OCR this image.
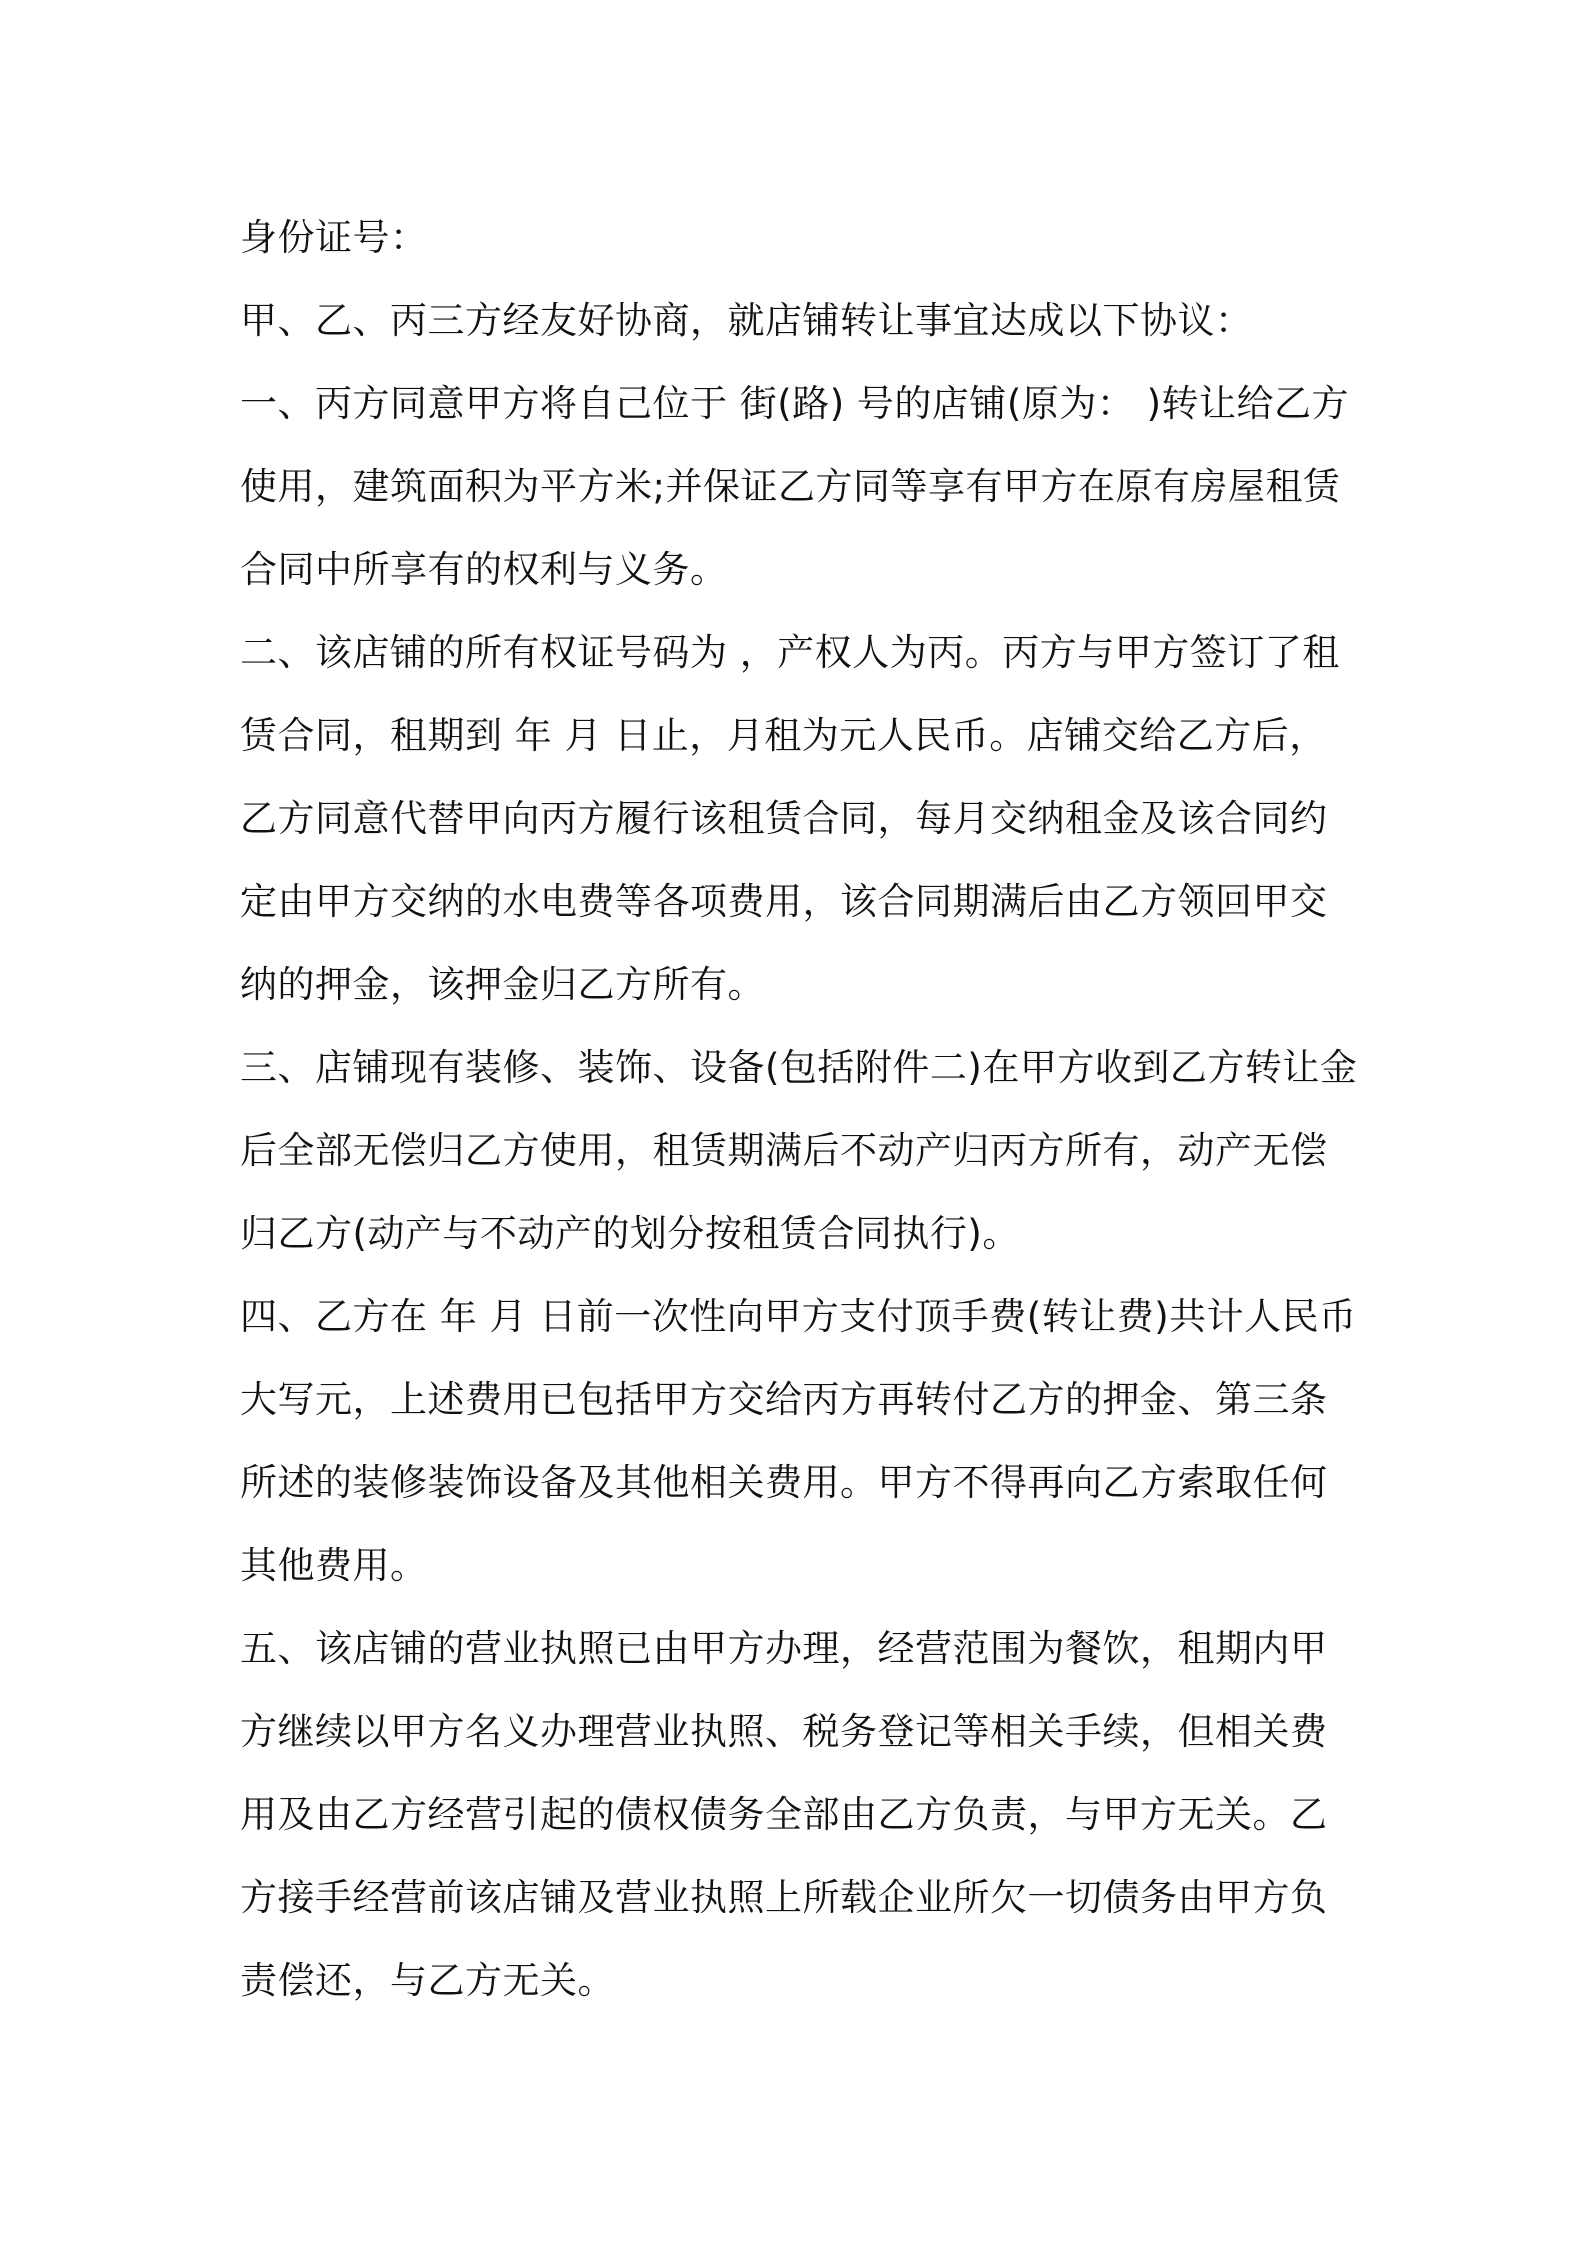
身份证号：

甲、乙、丙三方经友好协商，就店铺转让事宜达成以下协议：

一、丙方同意甲方将自己位于 街(路) 号的店铺(原为： )转让给乙方使用，建筑面积为平方米;并保证乙方同等享有甲方在原有房屋租赁合同中所享有的权利与义务。

二、该店铺的所有权证号码为 ，产权人为丙。丙方与甲方签订了租赁合同，租期到 年 月 日止，月租为元人民币。店铺交给乙方后，乙方同意代替甲向丙方履行该租赁合同，每月交纳租金及该合同约定由甲方交纳的水电费等各项费用，该合同期满后由乙方领回甲交纳的押金，该押金归乙方所有。

三、店铺现有装修、装饰、设备(包括附件二)在甲方收到乙方转让金后全部无偿归乙方使用，租赁期满后不动产归丙方所有，动产无偿归乙方(动产与不动产的划分按租赁合同执行)。

四、乙方在 年 月 日前一次性向甲方支付顶手费(转让费)共计人民币大写元，上述费用已包括甲方交给丙方再转付乙方的押金、第三条所述的装修装饰设备及其他相关费用。甲方不得再向乙方索取任何其他费用。

五、该店铺的营业执照已由甲方办理，经营范围为餐饮，租期内甲方继续以甲方名义办理营业执照、税务登记等相关手续，但相关费用及由乙方经营引起的债权债务全部由乙方负责，与甲方无关。乙方接手经营前该店铺及营业执照上所载企业所欠一切债务由甲方负责偿还，与乙方无关。
